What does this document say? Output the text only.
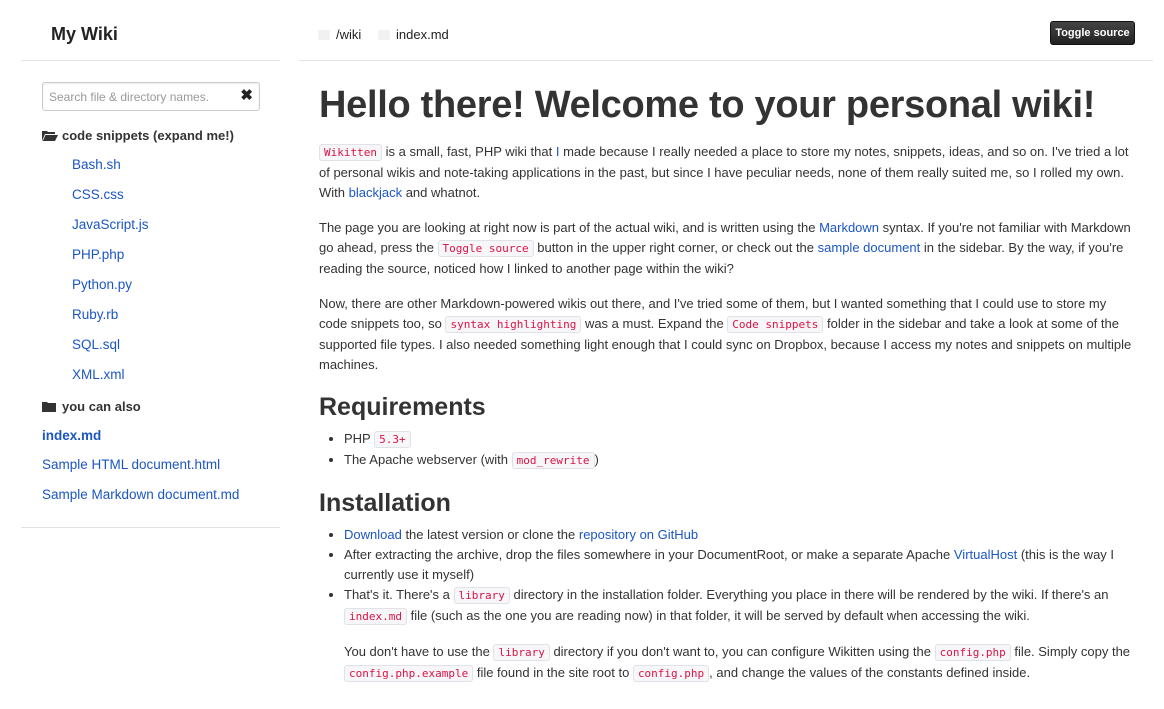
My Wiki
Search file & directory names.
✖
code snippets (expand me!)
Bash.sh
CSS.css
JavaScript.js
PHP.php
Python.py
Ruby.rb
SQL.sql
XML.xml
you can also
index.md
Sample HTML document.html
Sample Markdown document.md
/wiki	index.md	Toggle source
Hello there! Welcome to your personal wiki!

Wikitten is a small, fast, PHP wiki that I made because I really needed a place to store my notes, snippets, ideas, and so on. I've tried a lot of personal wikis and note-taking applications in the past, but since I have peculiar needs, none of them really suited me, so I rolled my own. With blackjack and whatnot.

The page you are looking at right now is part of the actual wiki, and is written using the Markdown syntax. If you're not familiar with Markdown go ahead, press the Toggle source button in the upper right corner, or check out the sample document in the sidebar. By the way, if you're reading the source, noticed how I linked to another page within the wiki?

Now, there are other Markdown-powered wikis out there, and I've tried some of them, but I wanted something that I could use to store my code snippets too, so syntax highlighting was a must. Expand the Code snippets folder in the sidebar and take a look at some of the supported file types. I also needed something light enough that I could sync on Dropbox, because I access my notes and snippets on multiple machines.

Requirements
• PHP 5.3+
• The Apache webserver (with mod_rewrite )
Installation
• Download the latest version or clone the repository on GitHub
• After extracting the archive, drop the files somewhere in your DocumentRoot, or make a separate Apache VirtualHost (this is the way I currently use it myself)

• That's it. There's a library directory in the installation folder. Everything you place in there will be rendered by the wiki. If there's an index.md file (such as the one you are reading now) in that folder, it will be served by default when accessing the wiki.

You don't have to use the library directory if you don't want to, you can configure Wikitten using the config.php file. Simply copy the config.php.example file found in the site root to config.php , and change the values of the constants defined inside.
